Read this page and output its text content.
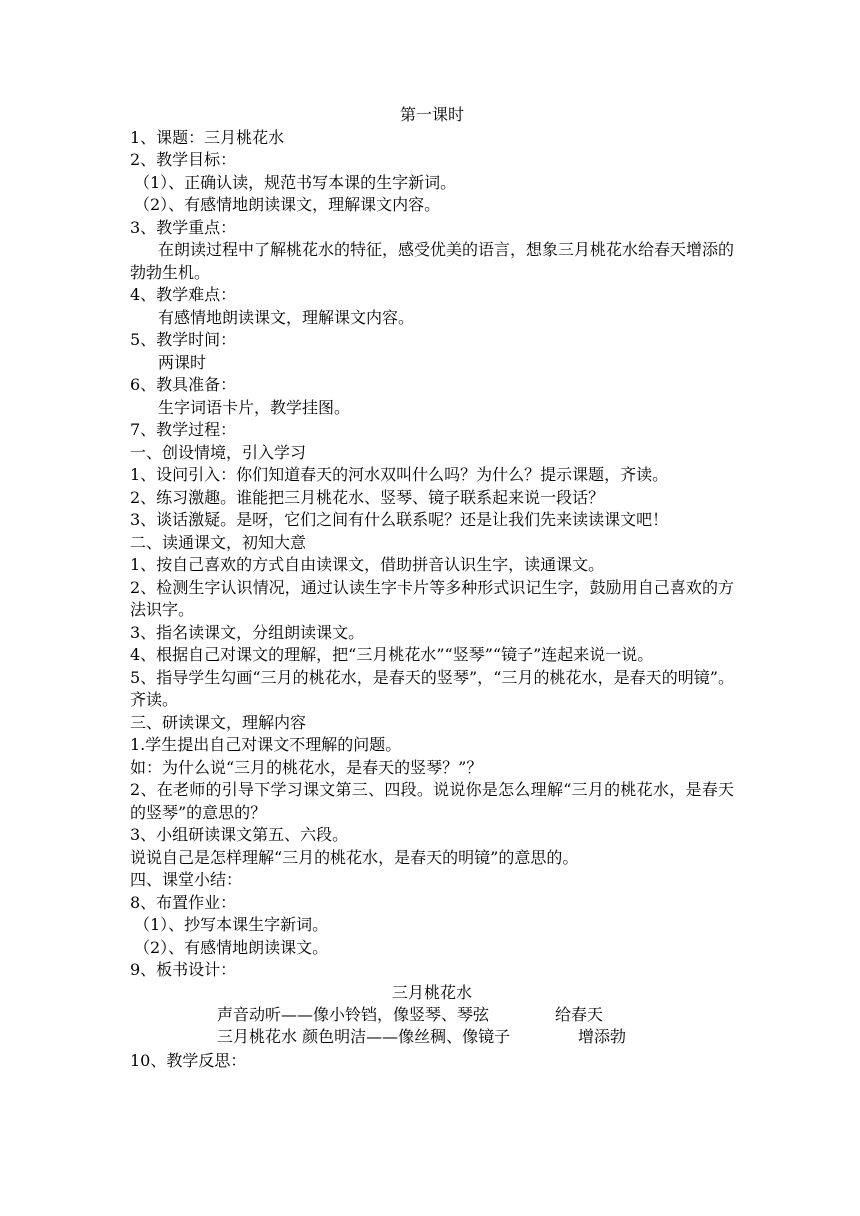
第一课时
1、课题：三月桃花水
2、教学目标：
（1）、正确认读，规范书写本课的生字新词。
（2）、有感情地朗读课文，理解课文内容。
3、教学重点：
在朗读过程中了解桃花水的特征，感受优美的语言，想象三月桃花水给春天增添的勃勃生机。
4、教学难点：
有感情地朗读课文，理解课文内容。
5、教学时间：
两课时
6、教具准备：
生字词语卡片，教学挂图。
7、教学过程：
一、创设情境，引入学习
1、设问引入：你们知道春天的河水双叫什么吗？为什么？提示课题，齐读。
2、练习激趣。谁能把三月桃花水、竖琴、镜子联系起来说一段话？
3、谈话激疑。是呀，它们之间有什么联系呢？还是让我们先来读读课文吧！
二、读通课文，初知大意
1、按自己喜欢的方式自由读课文，借助拼音认识生字，读通课文。
2、检测生字认识情况，通过认读生字卡片等多种形式识记生字，鼓励用自己喜欢的方法识字。
3、指名读课文，分组朗读课文。
4、根据自己对课文的理解，把“三月桃花水”“竖琴”“镜子”连起来说一说。
5、指导学生勾画“三月的桃花水，是春天的竖琴”，“三月的桃花水，是春天的明镜”。齐读。
三、研读课文，理解内容
1.学生提出自己对课文不理解的问题。
如：为什么说“三月的桃花水，是春天的竖琴？”？
2、在老师的引导下学习课文第三、四段。说说你是怎么理解“三月的桃花水，是春天的竖琴”的意思的？
3、小组研读课文第五、六段。
说说自己是怎样理解“三月的桃花水，是春天的明镜”的意思的。
四、课堂小结：
8、布置作业：
（1）、抄写本课生字新词。
（2）、有感情地朗读课文。
9、板书设计：
三月桃花水
声音动听——像小铃铛，像竖琴、琴弦	给春天
三月桃花水 颜色明洁——像丝稠、像镜子	增添勃
10、教学反思：
